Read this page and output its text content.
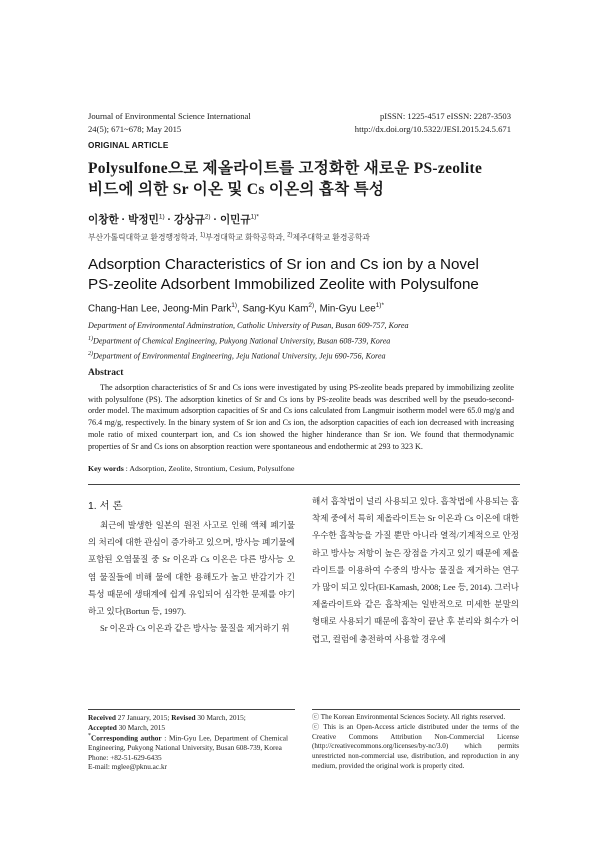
Journal of Environmental Science International
24(5); 671~678; May 2015
pISSN: 1225-4517 eISSN: 2287-3503
http://dx.doi.org/10.5322/JESI.2015.24.5.671
ORIGINAL ARTICLE
Polysulfone으로 제올라이트를 고정화한 새로운 PS-zeolite
비드에 의한 Sr 이온 및 Cs 이온의 흡착 특성
이창한 · 박정민$^{1)}$ · 강상규$^{2)}$ · 이민규$^{1)*}$
부산가톨릭대학교 환경행정학과, $^{1)}$부경대학교 화학공학과, $^{2)}$제주대학교 환경공학과
Adsorption Characteristics of Sr ion and Cs ion by a Novel
PS-zeolite Adsorbent Immobilized Zeolite with Polysulfone
Chang-Han Lee, Jeong-Min Park$^{1)}$, Sang-Kyu Kam$^{2)}$, Min-Gyu Lee$^{1)*}$
Department of Environmental Adminstration, Catholic University of Pusan, Busan 609-757, Korea
$^{1)}$Department of Chemical Engineering, Pukyong National University, Busan 608-739, Korea
$^{2)}$Department of Environmental Engineering, Jeju National University, Jeju 690-756, Korea
Abstract
The adsorption characteristics of Sr and Cs ions were investigated by using PS-zeolite beads prepared by immobilizing zeolite with polysulfone (PS). The adsorption kinetics of Sr and Cs ions by PS-zeolite beads was described well by the pseudo-second-order model. The maximum adsorption capacities of Sr and Cs ions calculated from Langmuir isotherm model were 65.0 mg/g and 76.4 mg/g, respectively. In the binary system of Sr ion and Cs ion, the adsorption capacities of each ion decreased with increasing mole ratio of mixed counterpart ion, and Cs ion showed the higher hinderance than Sr ion. We found that thermodynamic properties of Sr and Cs ions on absorption reaction were spontaneous and endothermic at 293 to 323 K.
Key words : Adsorption, Zeolite, Strontium, Cesium, Polysulfone
1. 서 론

최근에 발생한 일본의 원전 사고로 인해 액체 폐기물의 처리에 대한 관심이 증가하고 있으며, 방사능 폐기물에 포함된 오염물질 중 Sr 이온과 Cs 이온은 다른 방사능 오염 물질들에 비해 물에 대한 용해도가 높고 반감기가 긴 특성 때문에 생태계에 쉽게 유입되어 심각한 문제를 야기하고 있다(Bortun 등, 1997).

Sr 이온과 Cs 이온과 같은 방사능 물질을 제거하기 위

해서 흡착법이 널리 사용되고 있다. 흡착법에 사용되는 흡착제 중에서 특히 제올라이트는 Sr 이온과 Cs 이온에 대한 우수한 흡착능을 가질 뿐만 아니라 열적/기계적으로 안정하고 방사능 저항이 높은 장점을 가지고 있기 때문에 제올라이트를 이용하여 수중의 방사능 물질을 제거하는 연구가 많이 되고 있다(El-Kamash, 2008; Lee 등, 2014). 그러나 제올라이트와 같은 흡착제는 일반적으로 미세한 분말의 형태로 사용되기 때문에 흡착이 끝난 후 분리와 회수가 어렵고, 컬럼에 충전하여 사용할 경우에

Received 27 January, 2015; Revised 30 March, 2015;
Accepted 30 March, 2015
*Corresponding author : Min-Gyu Lee, Department of Chemical Engineering, Pukyong National University, Busan 608-739, Korea
Phone: +82-51-629-6435
E-mail: mglee@pknu.ac.kr
ⓒ The Korean Environmental Sciences Society. All rights reserved.
ⓒ This is an Open-Access article distributed under the terms of the Creative Commons Attribution Non-Commercial License (http://creativecommons.org/licenses/by-nc/3.0) which permits unrestricted non-commercial use, distribution, and reproduction in any medium, provided the original work is properly cited.
